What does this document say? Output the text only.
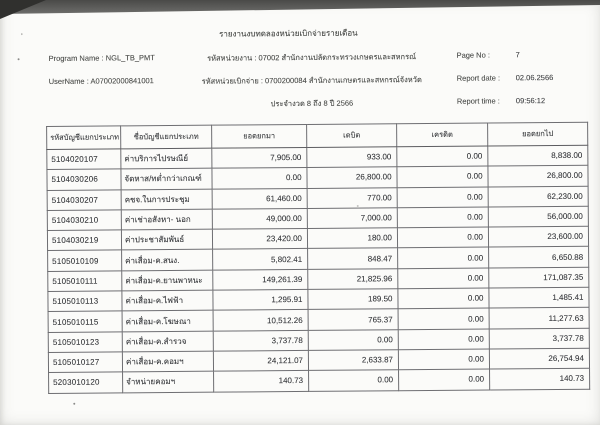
รายงานงบทดลองหน่วยเบิกจ่ายรายเดือน
Program Name : NGL_TB_PMT
UserName : A07002000841001
รหัสหน่วยงาน : 07002 สำนักงานปลัดกระทรวงเกษตรและสหกรณ์
รหัสหน่วยเบิกจ่าย : 0700200084 สำนักงานเกษตรและสหกรณ์จังหวัด
ประจำงวด 8 ถึง 8 ปี 2566
Page No :	7
Report date : 02.06.2566
Report time : 09:56:12
รหัสบัญชีแยกประเภท	ชื่อบัญชีแยกประเภท	ยอดยกมา	เดบิต	เครดิต	ยอดยกไป
5104020107	ค่าบริการไปรษณีย์	7,905.00	933.00	0.00	8,838.00
5104030206	จัดหาส/ทต่ำกว่าเกณฑ์	0.00	26,800.00	0.00	26,800.00
5104030207	คชจ.ในการประชุม	61,460.00	770.00	0.00	62,230.00
5104030210	ค่าเช่าอสังหา- นอก	49,000.00	7,000.00	0.00	56,000.00
5104030219	ค่าประชาสัมพันธ์	23,420.00	180.00	0.00	23,600.00
5105010109	ค่าเสื่อม-ค.สนง.	5,802.41	848.47	0.00	6,650.88
5105010111	ค่าเสื่อม-ค.ยานพาหนะ	149,261.39	21,825.96	0.00	171,087.35
5105010113	ค่าเสื่อม-ค.ไฟฟ้า	1,295.91	189.50	0.00	1,485.41
5105010115	ค่าเสื่อม-ค.โฆษณา	10,512.26	765.37	0.00	11,277.63
5105010123	ค่าเสื่อม-ค.สำรวจ	3,737.78	0.00	0.00	3,737.78
5105010127	ค่าเสื่อม-ค.คอมฯ	24,121.07	2,633.87	0.00	26,754.94
5203010120	จำหน่ายคอมฯ	140.73	0.00	0.00	140.73
